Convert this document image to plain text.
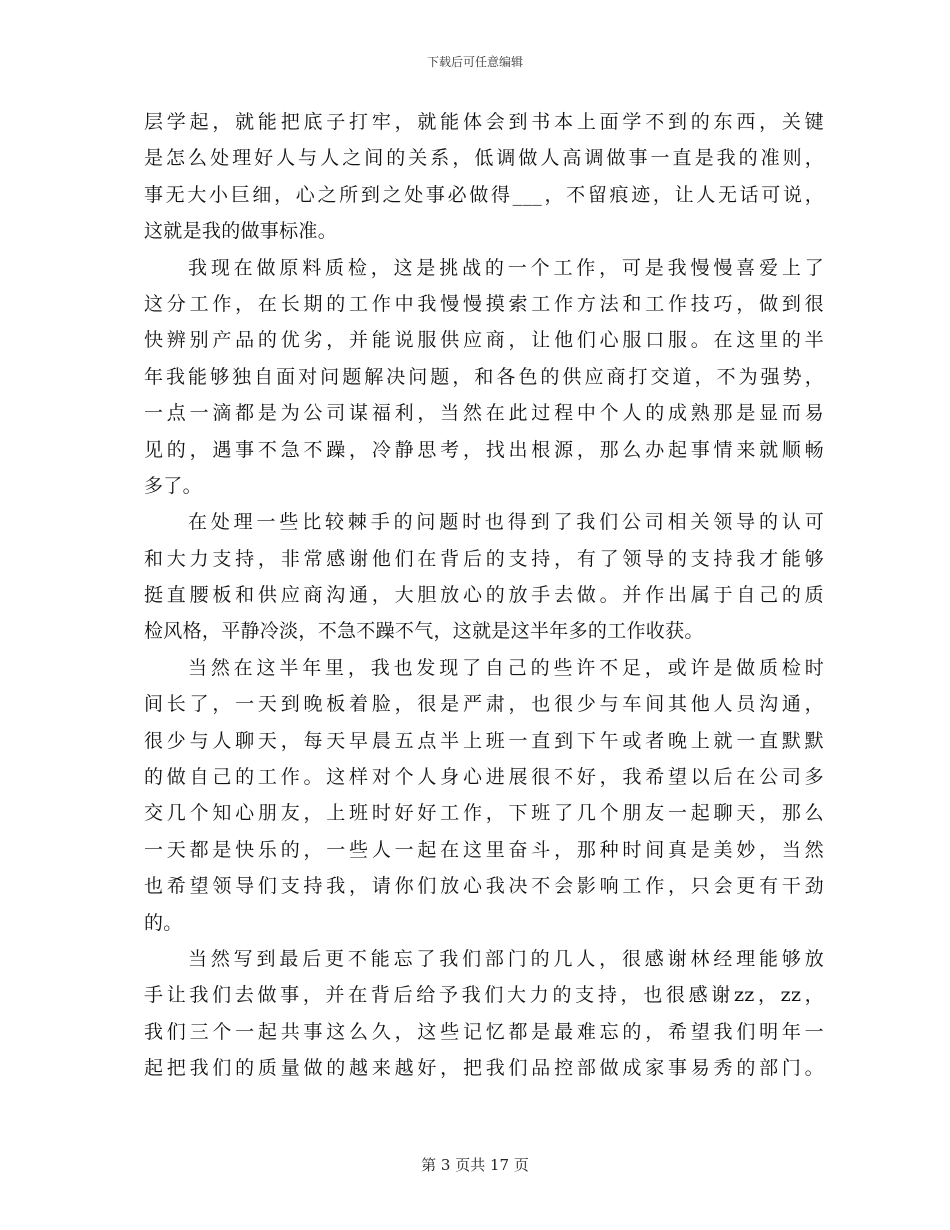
下载后可任意编辑
层学起，就能把底子打牢，就能体会到书本上面学不到的东西，关键
是怎么处理好人与人之间的关系，低调做人高调做事一直是我的准则，
事无大小巨细，心之所到之处事必做得___，不留痕迹，让人无话可说，
这就是我的做事标准。
我现在做原料质检，这是挑战的一个工作，可是我慢慢喜爱上了
这分工作，在长期的工作中我慢慢摸索工作方法和工作技巧，做到很
快辨别产品的优劣，并能说服供应商，让他们心服口服。在这里的半
年我能够独自面对问题解决问题，和各色的供应商打交道，不为强势，
一点一滴都是为公司谋福利，当然在此过程中个人的成熟那是显而易
见的，遇事不急不躁，冷静思考，找出根源，那么办起事情来就顺畅
多了。
在处理一些比较棘手的问题时也得到了我们公司相关领导的认可
和大力支持，非常感谢他们在背后的支持，有了领导的支持我才能够
挺直腰板和供应商沟通，大胆放心的放手去做。并作出属于自己的质
检风格，平静冷淡，不急不躁不气，这就是这半年多的工作收获。
当然在这半年里，我也发现了自己的些许不足，或许是做质检时
间长了，一天到晚板着脸，很是严肃，也很少与车间其他人员沟通，
很少与人聊天，每天早晨五点半上班一直到下午或者晚上就一直默默
的做自己的工作。这样对个人身心进展很不好，我希望以后在公司多
交几个知心朋友，上班时好好工作，下班了几个朋友一起聊天，那么
一天都是快乐的，一些人一起在这里奋斗，那种时间真是美妙，当然
也希望领导们支持我，请你们放心我决不会影响工作，只会更有干劲
的。
当然写到最后更不能忘了我们部门的几人，很感谢林经理能够放
手让我们去做事，并在背后给予我们大力的支持，也很感谢zz，zz，
我们三个一起共事这么久，这些记忆都是最难忘的，希望我们明年一
起把我们的质量做的越来越好，把我们品控部做成家事易秀的部门。
第 3 页共 17 页
